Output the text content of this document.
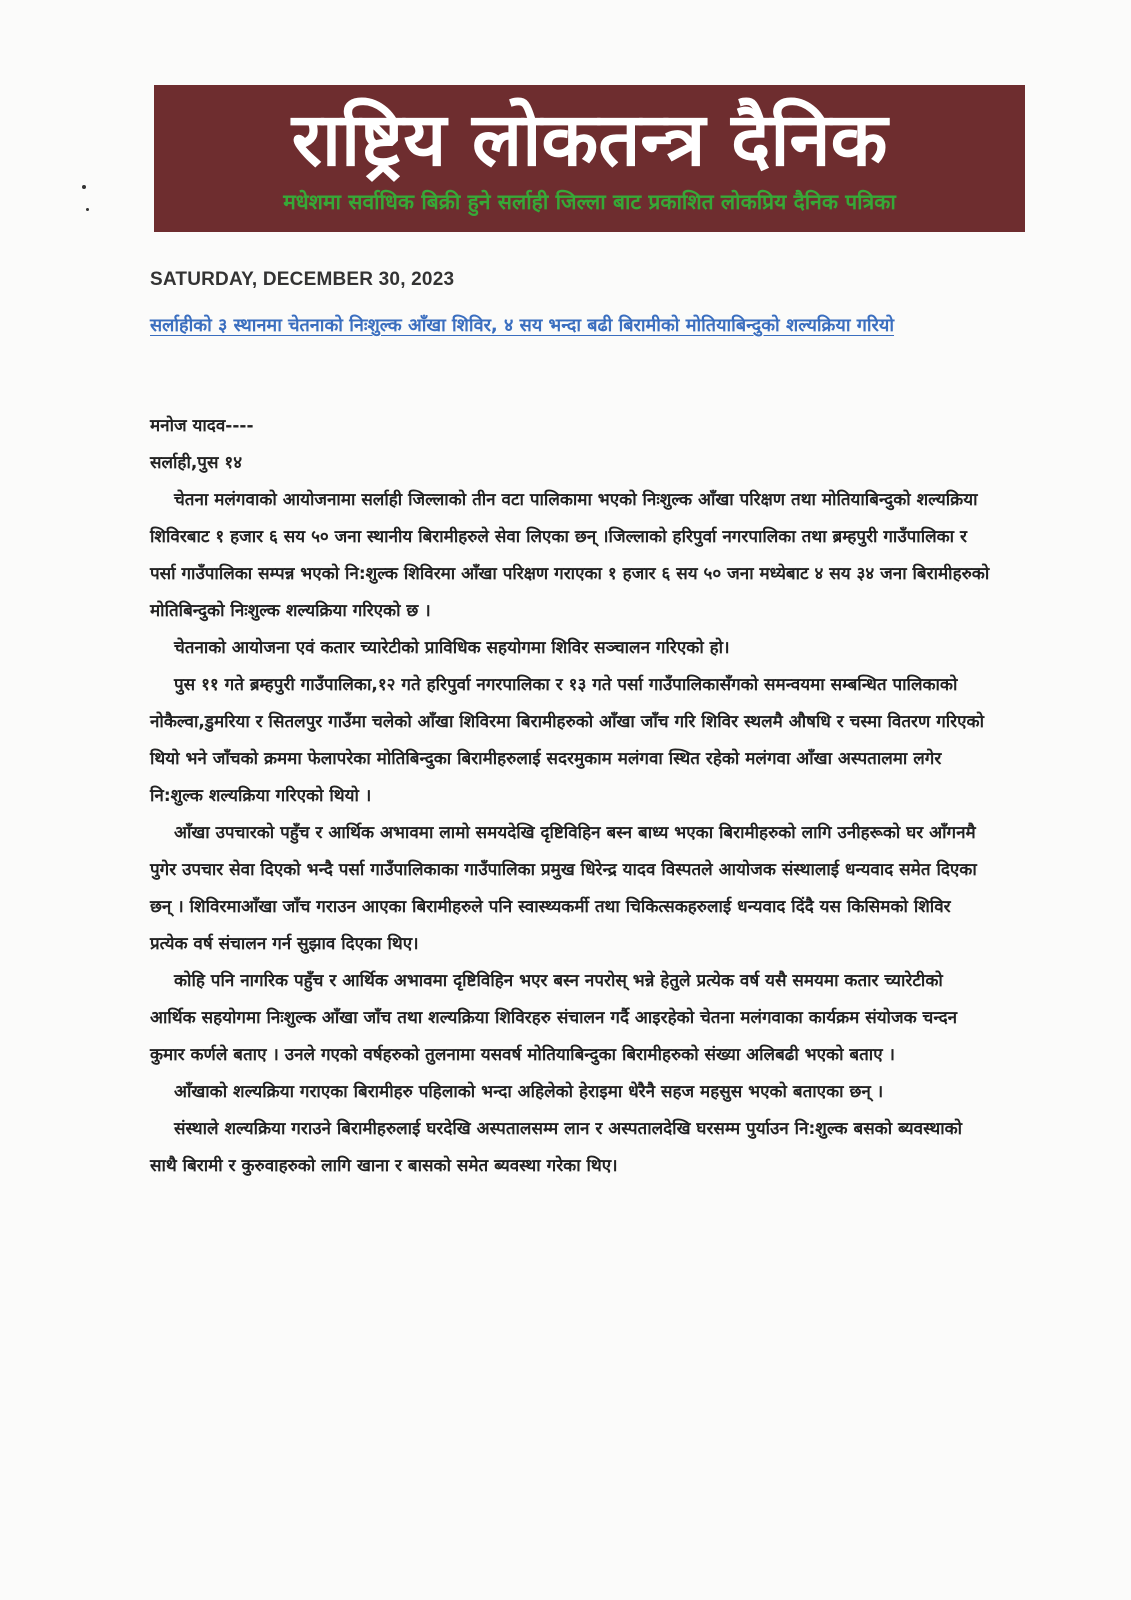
राष्ट्रिय लोकतन्त्र दैनिक
मधेशमा सर्वाधिक बिक्री हुने सर्लाही जिल्ला बाट प्रकाशित लोकप्रिय दैनिक पत्रिका
SATURDAY, DECEMBER 30, 2023
सर्लाहीको ३ स्थानमा चेतनाको निःशुल्क आँखा शिविर, ४ सय भन्दा बढी बिरामीको मोतियाबिन्दुको शल्यक्रिया गरियो

मनोज यादव----

सर्लाही,पुस १४

चेतना मलंगवाको आयोजनामा सर्लाही जिल्लाको तीन वटा पालिकामा भएको निःशुल्क आँखा परिक्षण तथा मोतियाबिन्दुको शल्यक्रिया शिविरबाट १ हजार ६ सय ५० जना स्थानीय बिरामीहरुले सेवा लिएका छन् ।जिल्लाको हरिपुर्वा नगरपालिका तथा ब्रम्हपुरी गाउँपालिका र पर्सा गाउँपालिका सम्पन्न भएको नि:शुल्क शिविरमा आँखा परिक्षण गराएका १ हजार ६ सय ५० जना मध्येबाट ४ सय ३४ जना बिरामीहरुको मोतिबिन्दुको निःशुल्क शल्यक्रिया गरिएको छ ।

चेतनाको आयोजना एवं कतार च्यारेटीको प्राविधिक सहयोगमा शिविर सञ्चालन गरिएको हो।

पुस ११ गते ब्रम्हपुरी गाउँपालिका,१२ गते हरिपुर्वा नगरपालिका र १३ गते पर्सा गाउँपालिकासँगको समन्वयमा सम्बन्धित पालिकाको नोकैल्वा,डुमरिया र सितलपुर गाउँमा चलेको आँखा शिविरमा बिरामीहरुको आँखा जाँच गरि शिविर स्थलमै औषधि र चस्मा वितरण गरिएको थियो भने जाँचको क्रममा फेलापरेका मोतिबिन्दुका बिरामीहरुलाई सदरमुकाम मलंगवा स्थित रहेको मलंगवा आँखा अस्पतालमा लगेर नि:शुल्क शल्यक्रिया गरिएको थियो ।

आँखा उपचारको पहुँच र आर्थिक अभावमा लामो समयदेखि दृष्टिविहिन बस्न बाध्य भएका बिरामीहरुको लागि उनीहरूको घर आँगनमै पुगेर उपचार सेवा दिएको भन्दै पर्सा गाउँपालिकाका गाउँपालिका प्रमुख धिरेन्द्र यादव विस्पतले आयोजक संस्थालाई धन्यवाद समेत दिएका छन् । शिविरमाआँखा जाँच गराउन आएका बिरामीहरुले पनि स्वास्थ्यकर्मी तथा चिकित्सकहरुलाई धन्यवाद दिंदै यस किसिमको शिविर प्रत्येक वर्ष संचालन गर्न सुझाव दिएका थिए।

कोहि पनि नागरिक पहुँच र आर्थिक अभावमा दृष्टिविहिन भएर बस्न नपरोस् भन्ने हेतुले प्रत्येक वर्ष यसै समयमा कतार च्यारेटीको आर्थिक सहयोगमा निःशुल्क आँखा जाँच तथा शल्यक्रिया शिविरहरु संचालन गर्दै आइरहेको चेतना मलंगवाका कार्यक्रम संयोजक चन्दन कुमार कर्णले बताए । उनले गएको वर्षहरुको तुलनामा यसवर्ष मोतियाबिन्दुका बिरामीहरुको संख्या अलिबढी भएको बताए ।

आँखाको शल्यक्रिया गराएका बिरामीहरु पहिलाको भन्दा अहिलेको हेराइमा धेरैनै सहज महसुस भएको बताएका छन् ।

संस्थाले शल्यक्रिया गराउने बिरामीहरुलाई घरदेखि अस्पतालसम्म लान र अस्पतालदेखि घरसम्म पुर्याउन नि:शुल्क बसको ब्यवस्थाको साथै बिरामी र कुरुवाहरुको लागि खाना र बासको समेत ब्यवस्था गरेका थिए।
